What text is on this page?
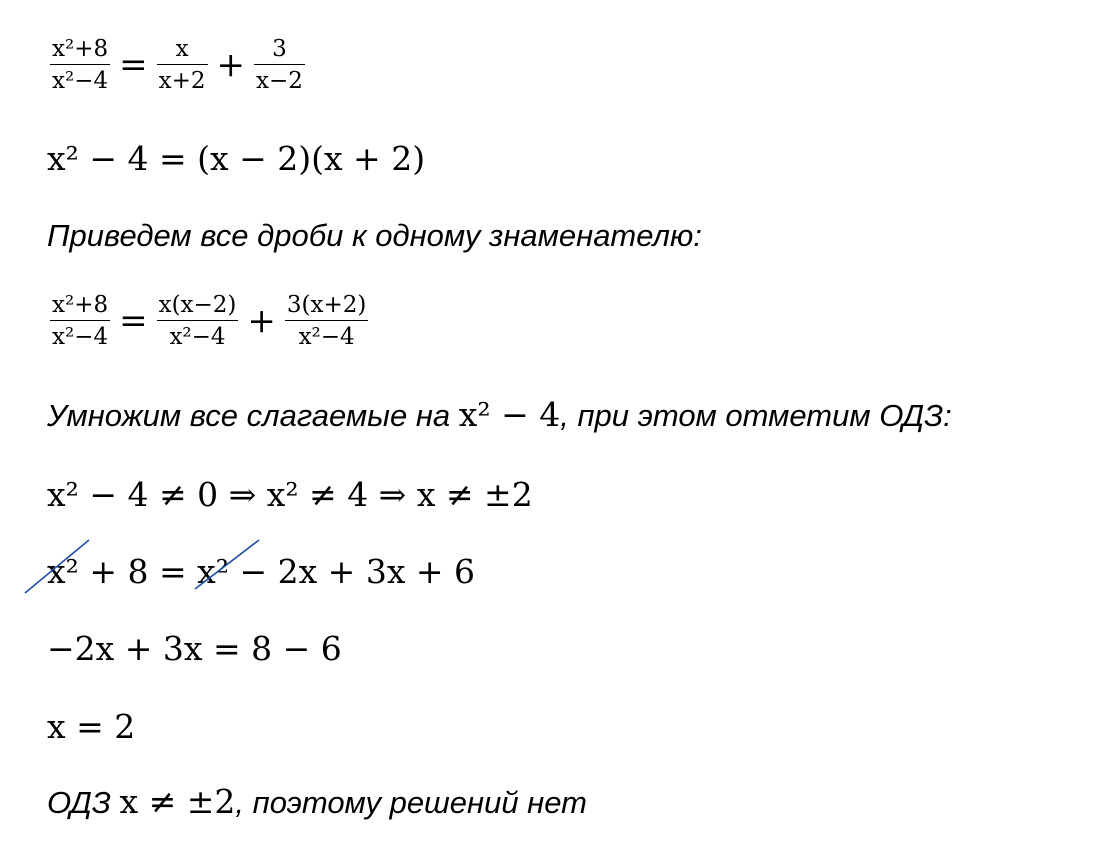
$\frac{\text{x²+8}}{\text{x²−4}} = \frac{x}{x+2} + \frac{3}{x-2}$
x² − 4 = (x − 2)(x + 2)
Приведем все дроби к одному знаменателю:
$\frac{\text{x²+8}}{\text{x²−4}} = \frac{x(x-2)}{\text{x²−4}} + \frac{3(x+2)}{\text{x²−4}}$
Умножим все слагаемые на x² − 4, при этом отметим ОДЗ:
x² − 4 ≠ 0 ⇒ x² ≠ 4 ⇒ x ≠ ±2
x²
+ 8 = x²
− 2x + 3x + 6
−2x + 3x = 8 − 6
x = 2
ОДЗ x ≠ ±2, поэтому решений нет
